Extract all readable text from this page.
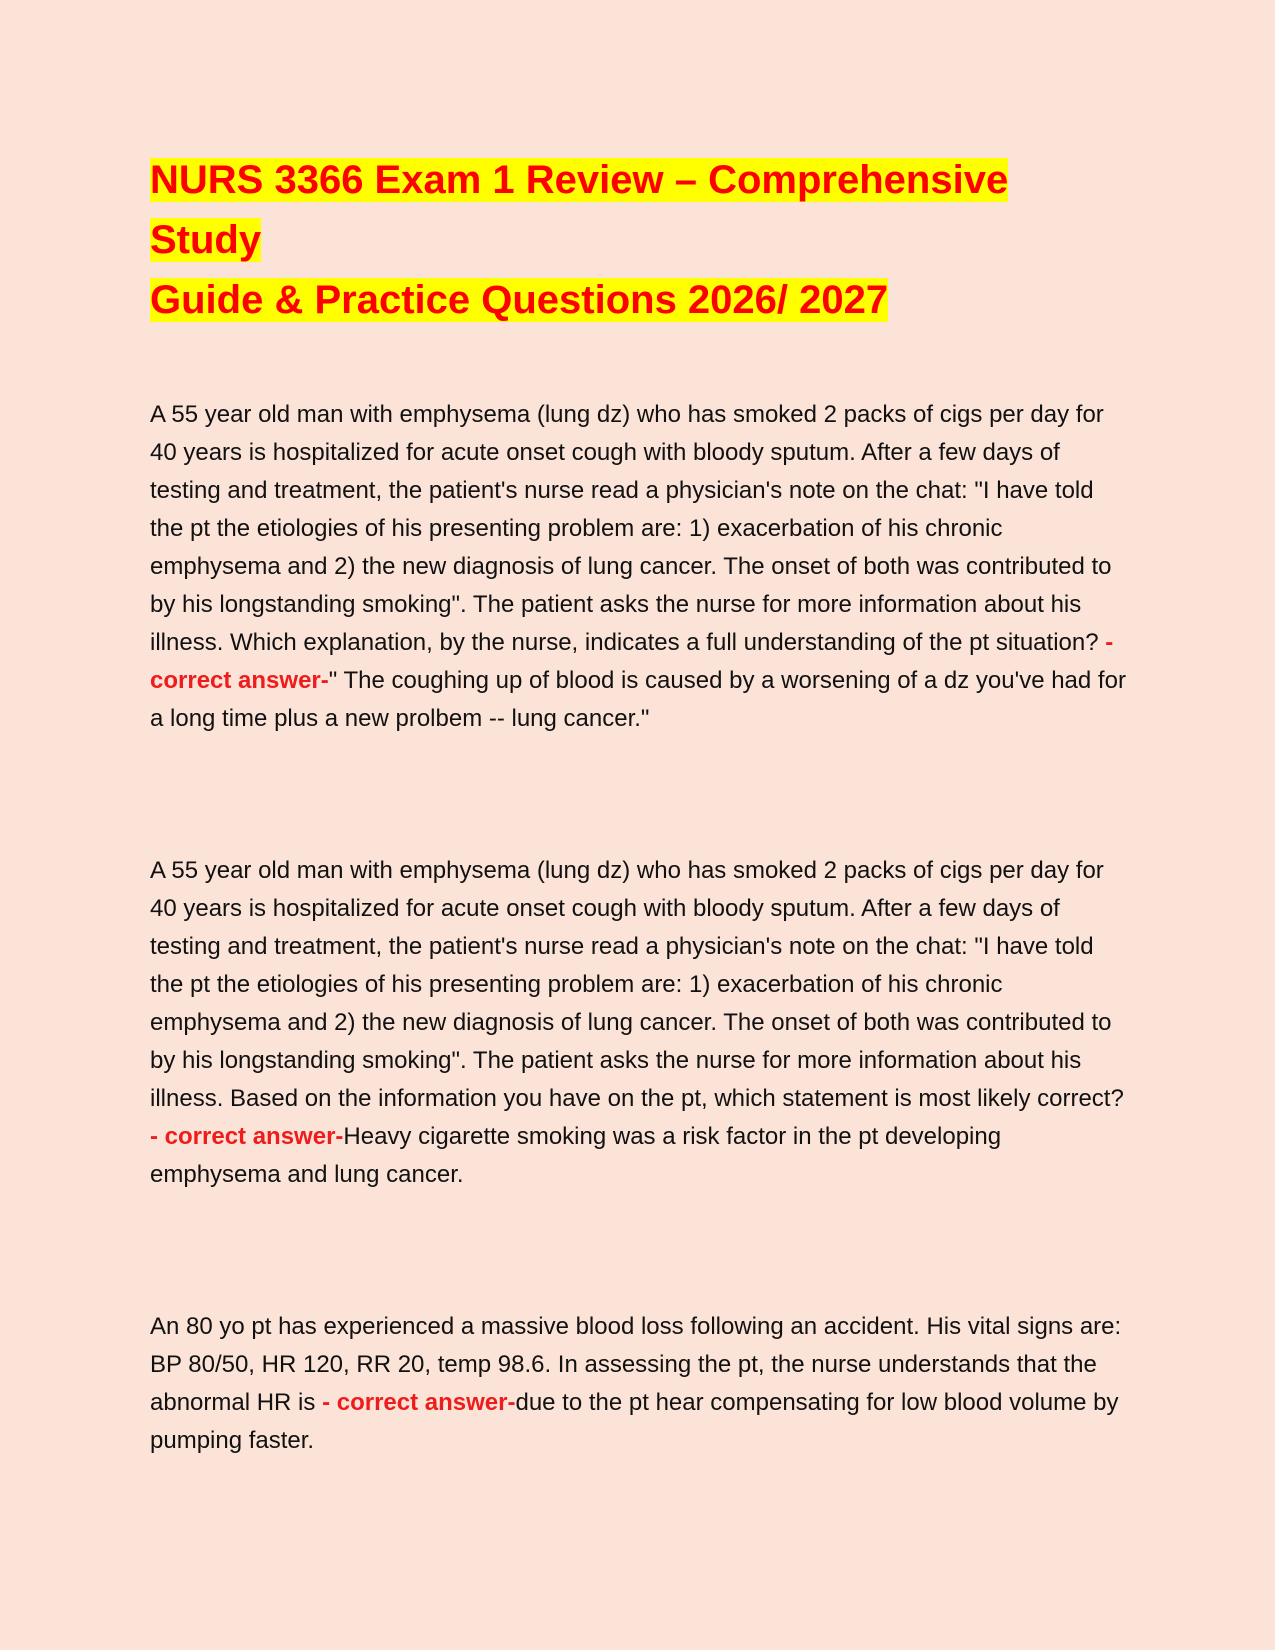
NURS 3366 Exam 1 Review – Comprehensive Study
Guide & Practice Questions 2026/ 2027

A 55 year old man with emphysema (lung dz) who has smoked 2 packs of cigs per day for 40 years is hospitalized for acute onset cough with bloody sputum. After a few days of testing and treatment, the patient's nurse read a physician's note on the chat: "I have told the pt the etiologies of his presenting problem are: 1) exacerbation of his chronic emphysema and 2) the new diagnosis of lung cancer. The onset of both was contributed to by his longstanding smoking". The patient asks the nurse for more information about his illness. Which explanation, by the nurse, indicates a full understanding of the pt situation? - correct answer-" The coughing up of blood is caused by a worsening of a dz you've had for a long time plus a new prolbem -- lung cancer."

A 55 year old man with emphysema (lung dz) who has smoked 2 packs of cigs per day for 40 years is hospitalized for acute onset cough with bloody sputum. After a few days of testing and treatment, the patient's nurse read a physician's note on the chat: "I have told the pt the etiologies of his presenting problem are: 1) exacerbation of his chronic emphysema and 2) the new diagnosis of lung cancer. The onset of both was contributed to by his longstanding smoking". The patient asks the nurse for more information about his illness. Based on the information you have on the pt, which statement is most likely correct? - correct answer-Heavy cigarette smoking was a risk factor in the pt developing emphysema and lung cancer.

An 80 yo pt has experienced a massive blood loss following an accident. His vital signs are: BP 80/50, HR 120, RR 20, temp 98.6. In assessing the pt, the nurse understands that the abnormal HR is - correct answer-due to the pt hear compensating for low blood volume by pumping faster.
